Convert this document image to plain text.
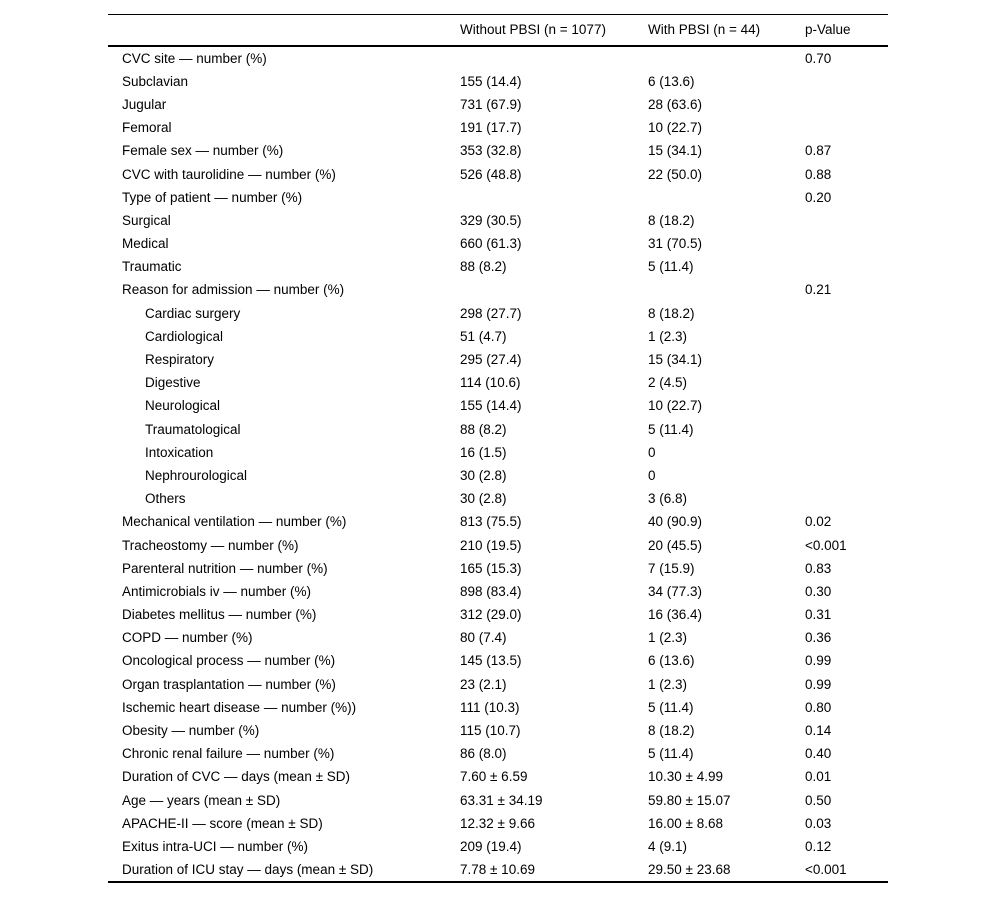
	Without PBSI (n = 1077)	With PBSI (n = 44)	p-Value
CVC site — number (%)			0.70
Subclavian	155 (14.4)	6 (13.6)	
Jugular	731 (67.9)	28 (63.6)	
Femoral	191 (17.7)	10 (22.7)	
Female sex — number (%)	353 (32.8)	15 (34.1)	0.87
CVC with taurolidine — number (%)	526 (48.8)	22 (50.0)	0.88
Type of patient — number (%)			0.20
Surgical	329 (30.5)	8 (18.2)	
Medical	660 (61.3)	31 (70.5)	
Traumatic	88 (8.2)	5 (11.4)	
Reason for admission — number (%)			0.21
Cardiac surgery	298 (27.7)	8 (18.2)	
Cardiological	51 (4.7)	1 (2.3)	
Respiratory	295 (27.4)	15 (34.1)	
Digestive	114 (10.6)	2 (4.5)	
Neurological	155 (14.4)	10 (22.7)	
Traumatological	88 (8.2)	5 (11.4)	
Intoxication	16 (1.5)	0	
Nephrourological	30 (2.8)	0	
Others	30 (2.8)	3 (6.8)	
Mechanical ventilation — number (%)	813 (75.5)	40 (90.9)	0.02
Tracheostomy — number (%)	210 (19.5)	20 (45.5)	<0.001
Parenteral nutrition — number (%)	165 (15.3)	7 (15.9)	0.83
Antimicrobials iv — number (%)	898 (83.4)	34 (77.3)	0.30
Diabetes mellitus — number (%)	312 (29.0)	16 (36.4)	0.31
COPD — number (%)	80 (7.4)	1 (2.3)	0.36
Oncological process — number (%)	145 (13.5)	6 (13.6)	0.99
Organ trasplantation — number (%)	23 (2.1)	1 (2.3)	0.99
Ischemic heart disease — number (%))	111 (10.3)	5 (11.4)	0.80
Obesity — number (%)	115 (10.7)	8 (18.2)	0.14
Chronic renal failure — number (%)	86 (8.0)	5 (11.4)	0.40
Duration of CVC — days (mean ± SD)	7.60 ± 6.59	10.30 ± 4.99	0.01
Age — years (mean ± SD)	63.31 ± 34.19	59.80 ± 15.07	0.50
APACHE-II — score (mean ± SD)	12.32 ± 9.66	16.00 ± 8.68	0.03
Exitus intra-UCI — number (%)	209 (19.4)	4 (9.1)	0.12
Duration of ICU stay — days (mean ± SD)	7.78 ± 10.69	29.50 ± 23.68	<0.001
